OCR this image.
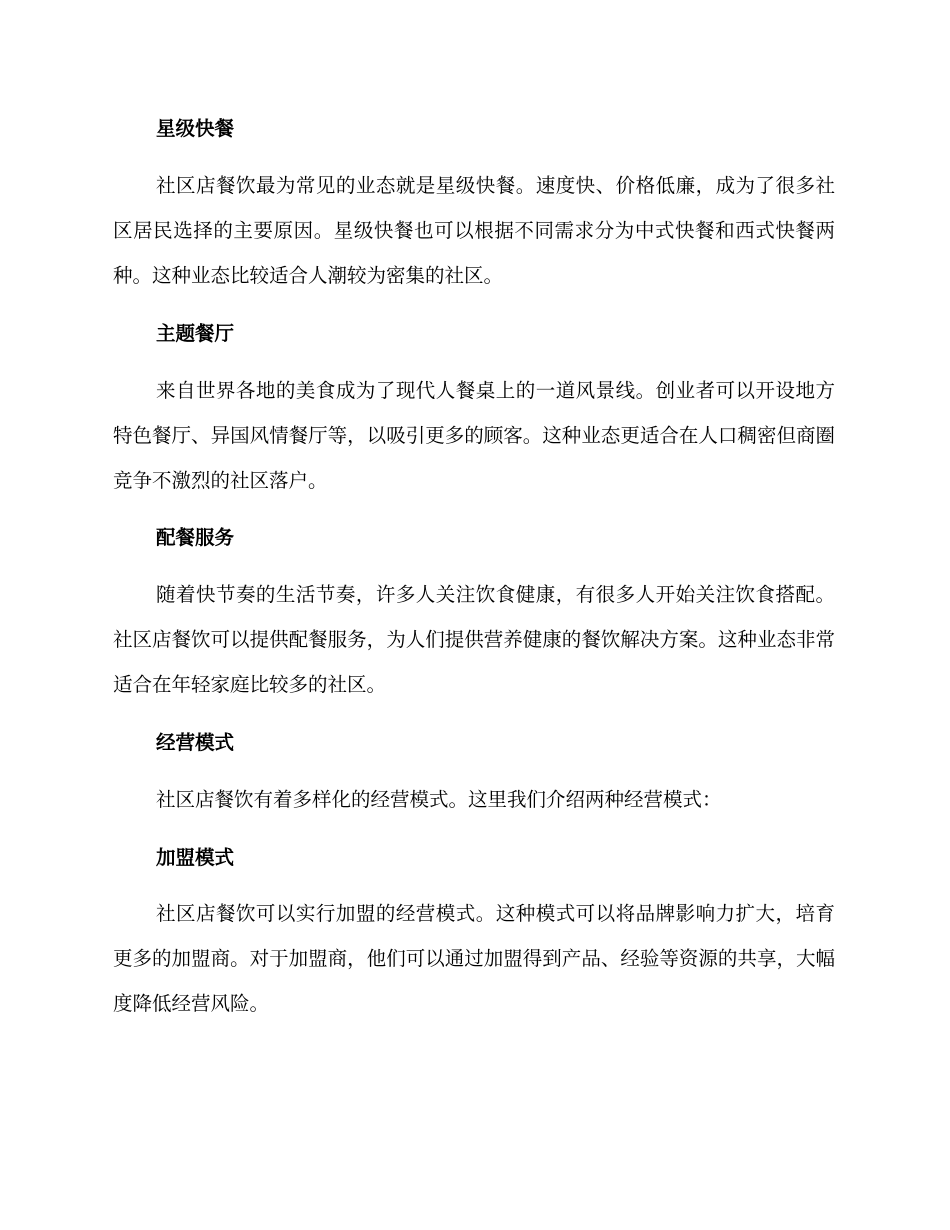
星级快餐
社区店餐饮最为常见的业态就是星级快餐。速度快、价格低廉，成为了很多社区居民选择的主要原因。星级快餐也可以根据不同需求分为中式快餐和西式快餐两种。这种业态比较适合人潮较为密集的社区。
主题餐厅
来自世界各地的美食成为了现代人餐桌上的一道风景线。创业者可以开设地方特色餐厅、异国风情餐厅等，以吸引更多的顾客。这种业态更适合在人口稠密但商圈竞争不激烈的社区落户。
配餐服务
随着快节奏的生活节奏，许多人关注饮食健康，有很多人开始关注饮食搭配。社区店餐饮可以提供配餐服务，为人们提供营养健康的餐饮解决方案。这种业态非常适合在年轻家庭比较多的社区。
经营模式
社区店餐饮有着多样化的经营模式。这里我们介绍两种经营模式：
加盟模式
社区店餐饮可以实行加盟的经营模式。这种模式可以将品牌影响力扩大，培育更多的加盟商。对于加盟商，他们可以通过加盟得到产品、经验等资源的共享，大幅度降低经营风险。
